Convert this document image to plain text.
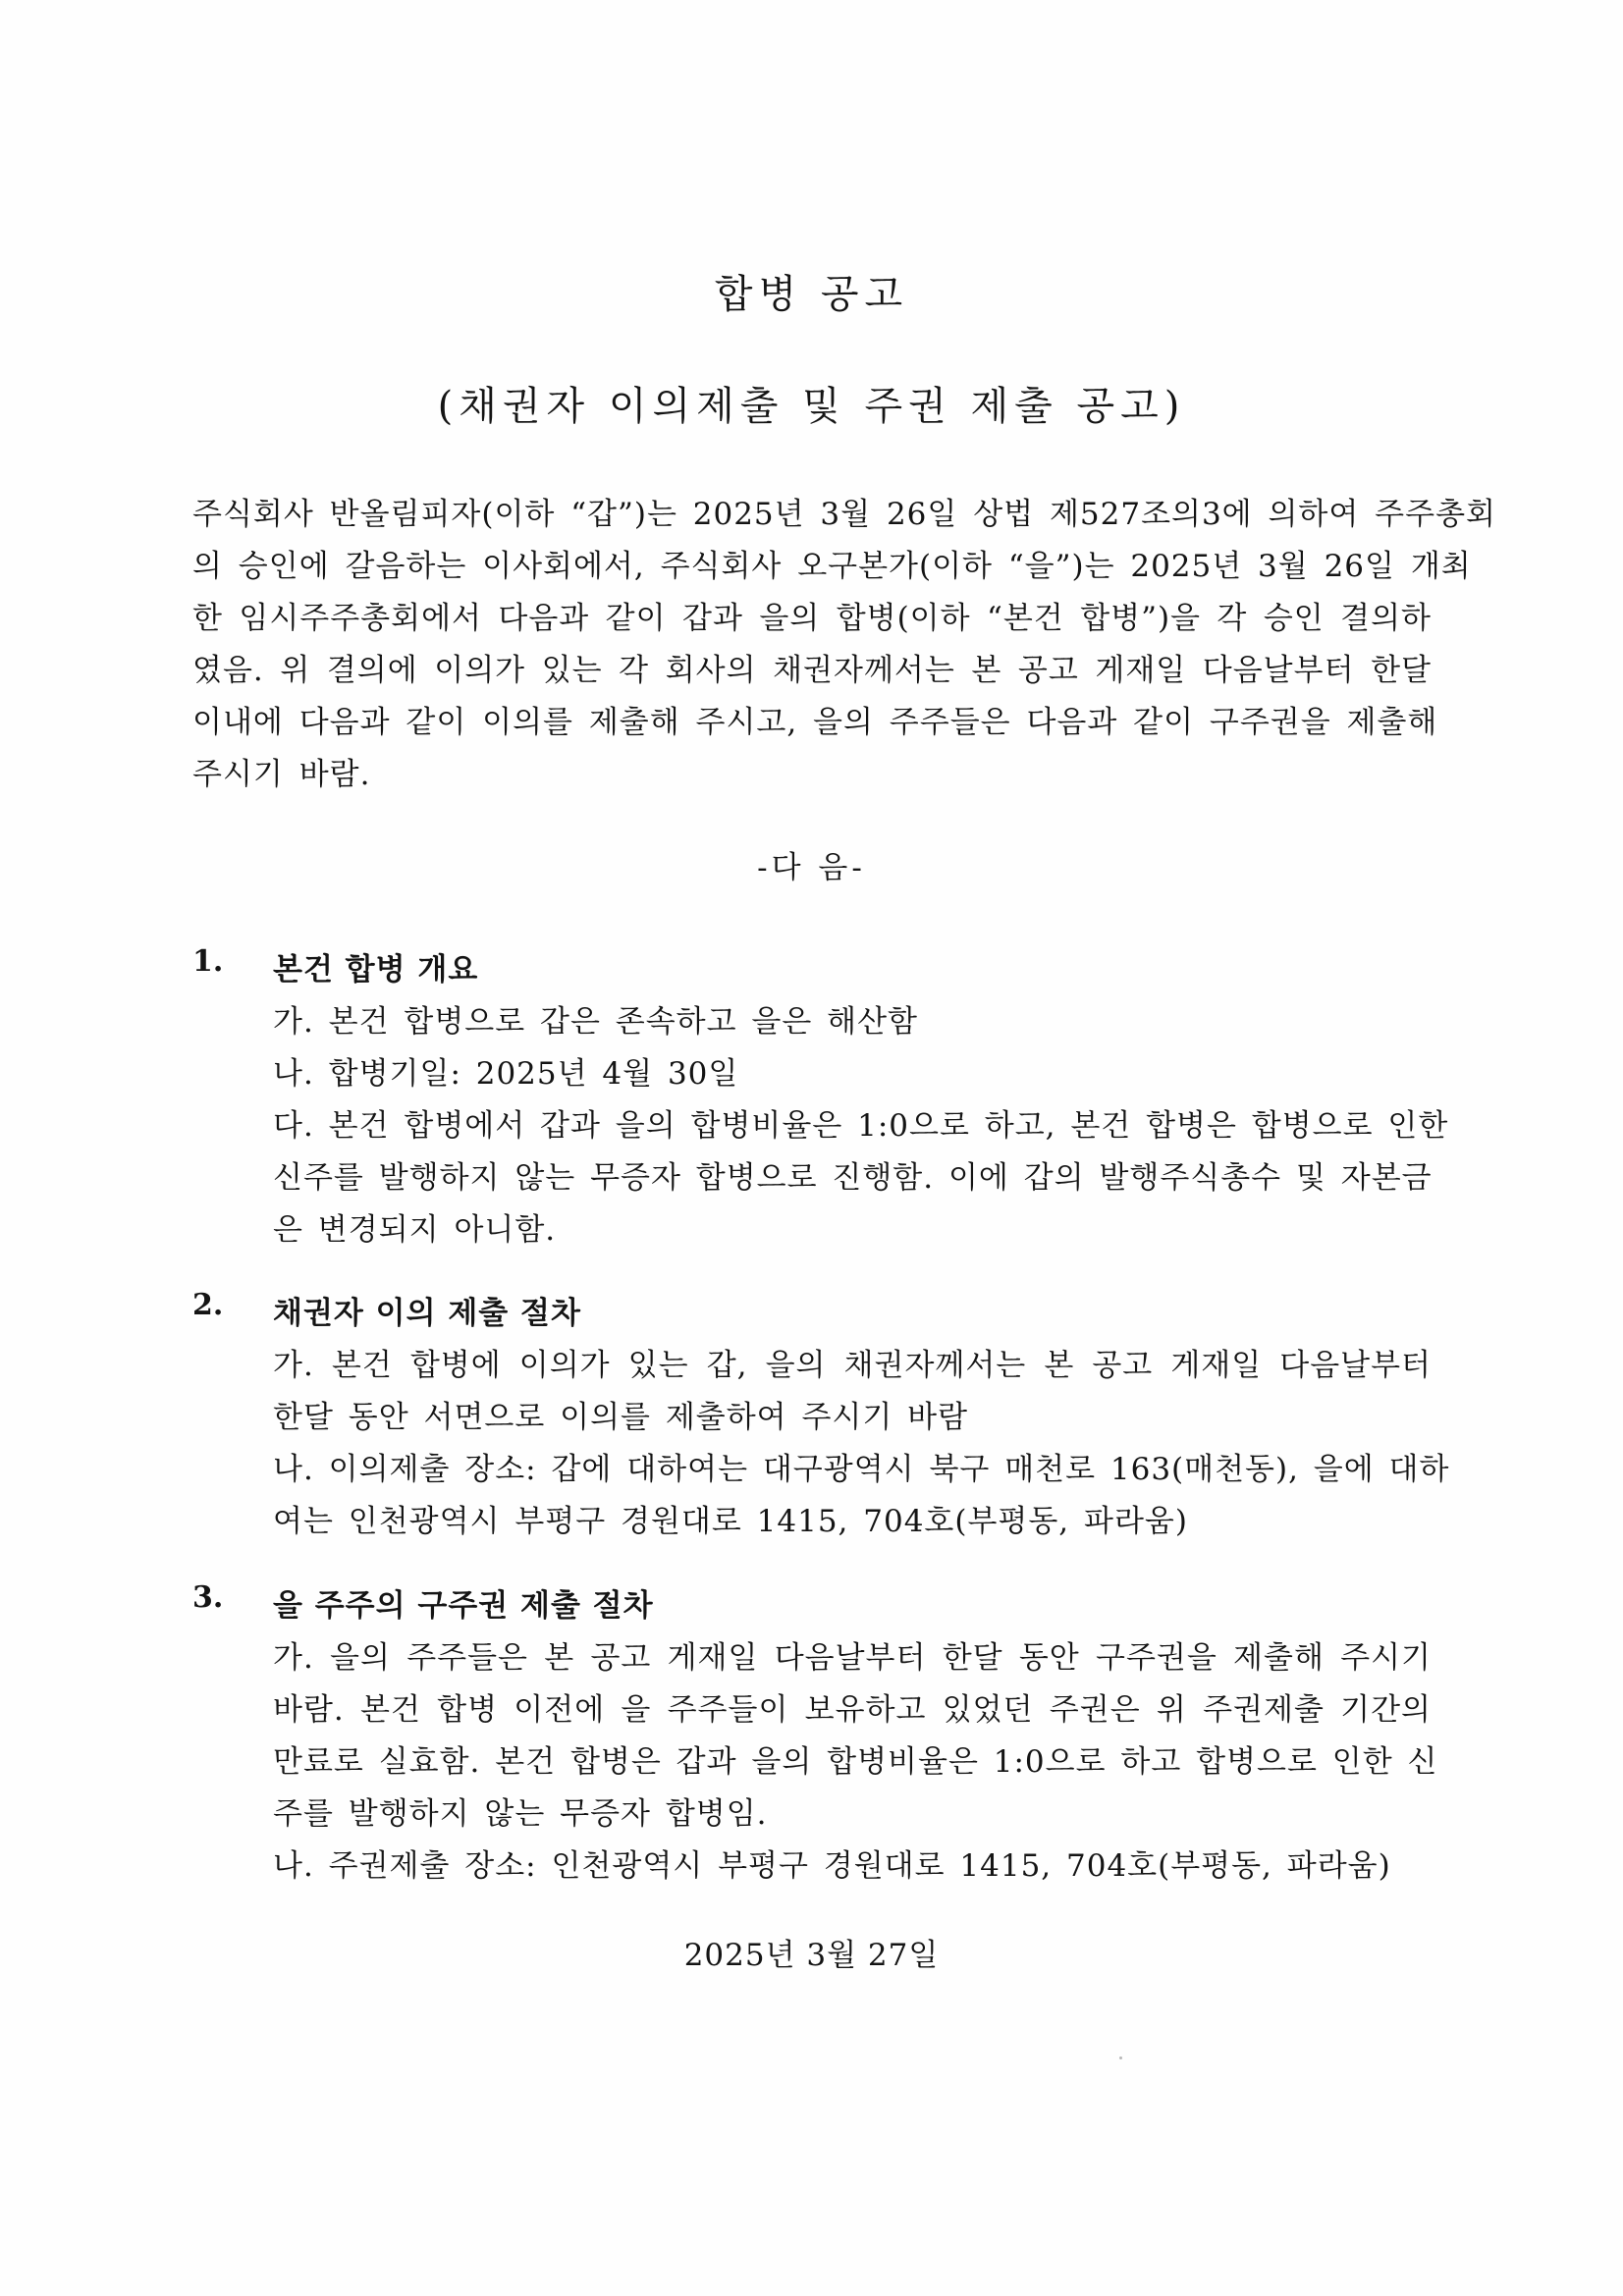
합병 공고
(채권자 이의제출 및 주권 제출 공고)
주식회사 반올림피자(이하 “갑”)는 2025년 3월 26일 상법 제527조의3에 의하여 주주총회
의 승인에 갈음하는 이사회에서, 주식회사 오구본가(이하 “을”)는 2025년 3월 26일 개최
한 임시주주총회에서 다음과 같이 갑과 을의 합병(이하 “본건 합병”)을 각 승인 결의하
였음. 위 결의에 이의가 있는 각 회사의 채권자께서는 본 공고 게재일 다음날부터 한달
이내에 다음과 같이 이의를 제출해 주시고, 을의 주주들은 다음과 같이 구주권을 제출해
주시기 바람.
-다 음-
1. 본건 합병 개요
가. 본건 합병으로 갑은 존속하고 을은 해산함
나. 합병기일: 2025년 4월 30일
다. 본건 합병에서 갑과 을의 합병비율은 1:0으로 하고, 본건 합병은 합병으로 인한
신주를 발행하지 않는 무증자 합병으로 진행함. 이에 갑의 발행주식총수 및 자본금
은 변경되지 아니함.
2. 채권자 이의 제출 절차
가. 본건 합병에 이의가 있는 갑, 을의 채권자께서는 본 공고 게재일 다음날부터
한달 동안 서면으로 이의를 제출하여 주시기 바람
나. 이의제출 장소: 갑에 대하여는 대구광역시 북구 매천로 163(매천동), 을에 대하
여는 인천광역시 부평구 경원대로 1415, 704호(부평동, 파라움)
3. 을 주주의 구주권 제출 절차
가. 을의 주주들은 본 공고 게재일 다음날부터 한달 동안 구주권을 제출해 주시기
바람. 본건 합병 이전에 을 주주들이 보유하고 있었던 주권은 위 주권제출 기간의
만료로 실효함. 본건 합병은 갑과 을의 합병비율은 1:0으로 하고 합병으로 인한 신
주를 발행하지 않는 무증자 합병임.
나. 주권제출 장소: 인천광역시 부평구 경원대로 1415, 704호(부평동, 파라움)
2025년 3월 27일
